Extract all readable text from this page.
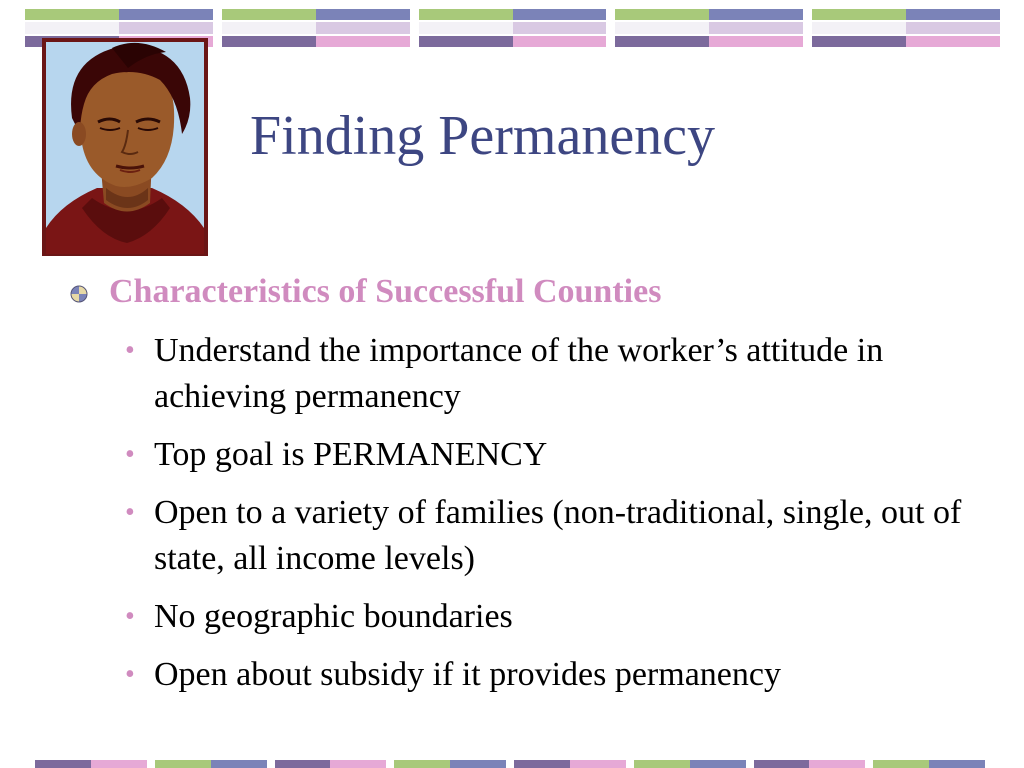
Finding Permanency
Characteristics of Successful Counties
• Understand the importance of the worker’s attitude in achieving permanency
• Top goal is PERMANENCY
• Open to a variety of families (non-traditional, single, out of state, all income levels)
• No geographic boundaries
• Open about subsidy if it provides permanency
